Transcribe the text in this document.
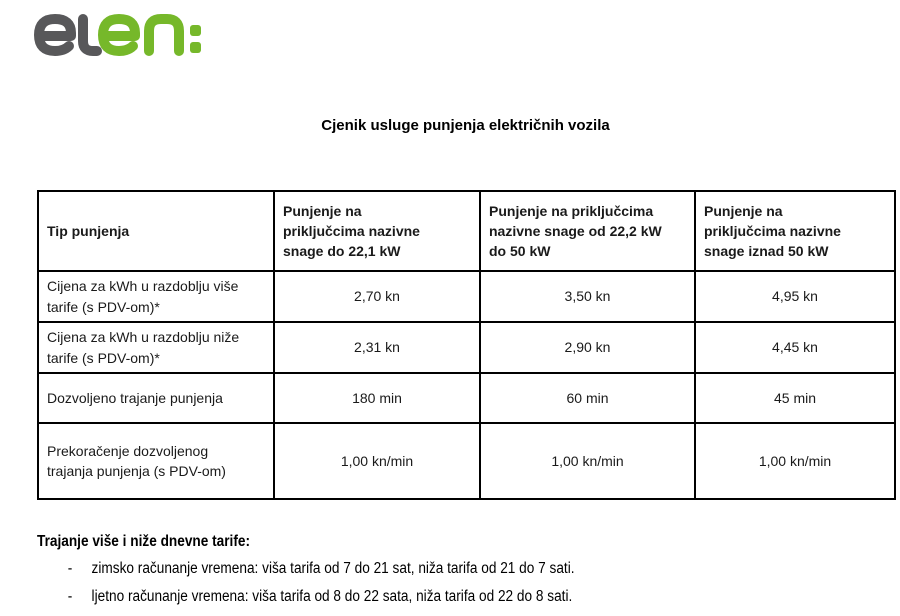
Cjenik usluge punjenja električnih vozila
Tip punjenja	Punjenje na priključcima nazivne snage do 22,1 kW	Punjenje na priključcima nazivne snage od 22,2 kW do 50 kW	Punjenje na priključcima nazivne snage iznad 50 kW
Cijena za kWh u razdoblju više tarife (s PDV-om)*	2,70 kn	3,50 kn	4,95 kn
Cijena za kWh u razdoblju niže tarife (s PDV-om)*	2,31 kn	2,90 kn	4,45 kn
Dozvoljeno trajanje punjenja	180 min	60 min	45 min
Prekoračenje dozvoljenog trajanja punjenja (s PDV-om)	1,00 kn/min	1,00 kn/min	1,00 kn/min
Trajanje više i niže dnevne tarife:
-	zimsko računanje vremena: viša tarifa od 7 do 21 sat, niža tarifa od 21 do 7 sati.
-	ljetno računanje vremena: viša tarifa od 8 do 22 sata, niža tarifa od 22 do 8 sati.
